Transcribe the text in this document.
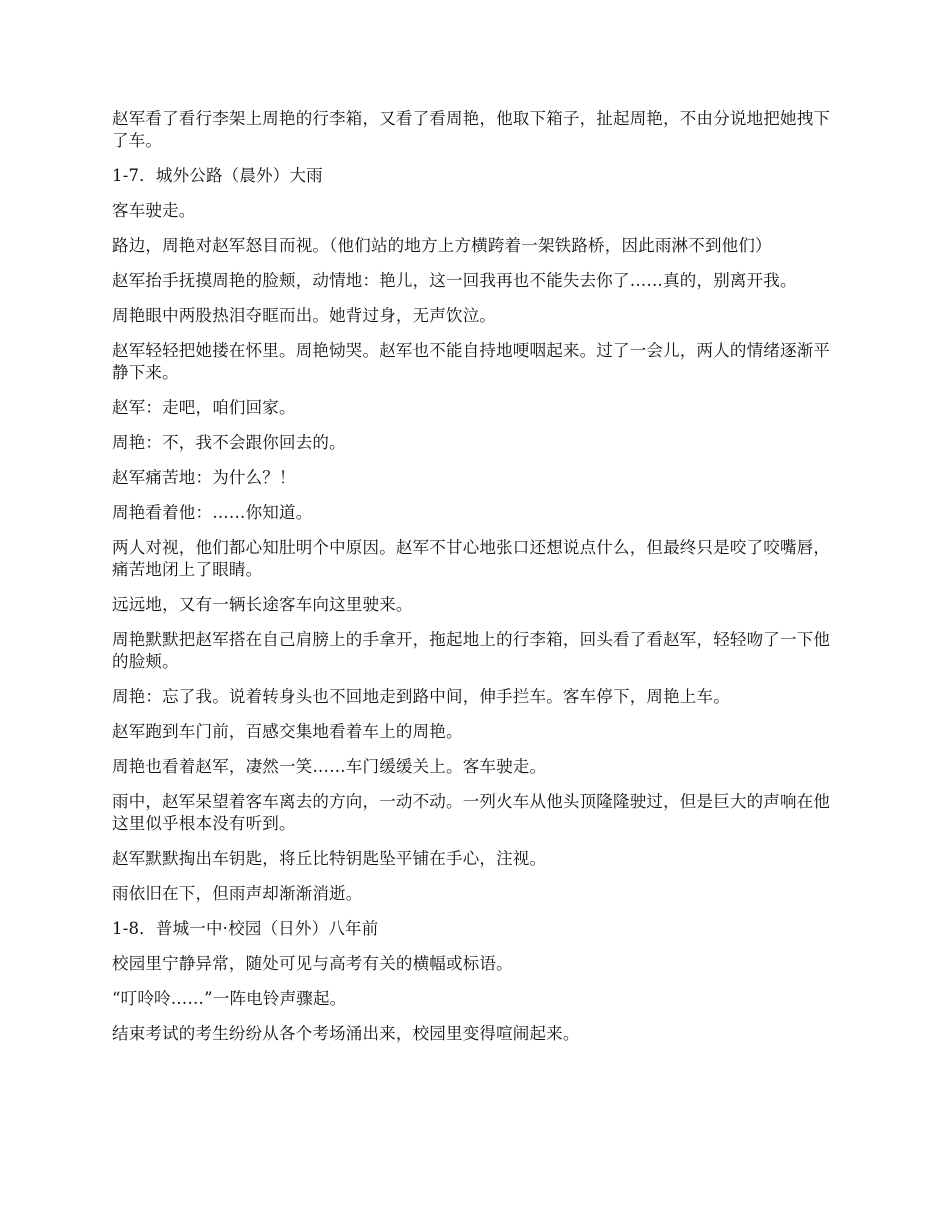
赵军看了看行李架上周艳的行李箱，又看了看周艳，他取下箱子，扯起周艳，不由分说地把她拽下了车。

1-7．城外公路（晨外）大雨

客车驶走。

路边，周艳对赵军怒目而视。（他们站的地方上方横跨着一架铁路桥，因此雨淋不到他们）

赵军抬手抚摸周艳的脸颊，动情地：艳儿，这一回我再也不能失去你了……真的，别离开我。

周艳眼中两股热泪夺眶而出。她背过身，无声饮泣。

赵军轻轻把她搂在怀里。周艳恸哭。赵军也不能自持地哽咽起来。过了一会儿，两人的情绪逐渐平静下来。

赵军：走吧，咱们回家。

周艳：不，我不会跟你回去的。

赵军痛苦地：为什么？！

周艳看着他：……你知道。

两人对视，他们都心知肚明个中原因。赵军不甘心地张口还想说点什么，但最终只是咬了咬嘴唇，痛苦地闭上了眼睛。

远远地，又有一辆长途客车向这里驶来。

周艳默默把赵军搭在自己肩膀上的手拿开，拖起地上的行李箱，回头看了看赵军，轻轻吻了一下他的脸颊。

周艳：忘了我。说着转身头也不回地走到路中间，伸手拦车。客车停下，周艳上车。

赵军跑到车门前，百感交集地看着车上的周艳。

周艳也看着赵军，凄然一笑……车门缓缓关上。客车驶走。

雨中，赵军呆望着客车离去的方向，一动不动。一列火车从他头顶隆隆驶过，但是巨大的声响在他这里似乎根本没有听到。

赵军默默掏出车钥匙，将丘比特钥匙坠平铺在手心，注视。

雨依旧在下，但雨声却渐渐消逝。

1-8．普城一中·校园（日外）八年前

校园里宁静异常，随处可见与高考有关的横幅或标语。

“叮呤呤……”一阵电铃声骤起。

结束考试的考生纷纷从各个考场涌出来，校园里变得喧闹起来。
